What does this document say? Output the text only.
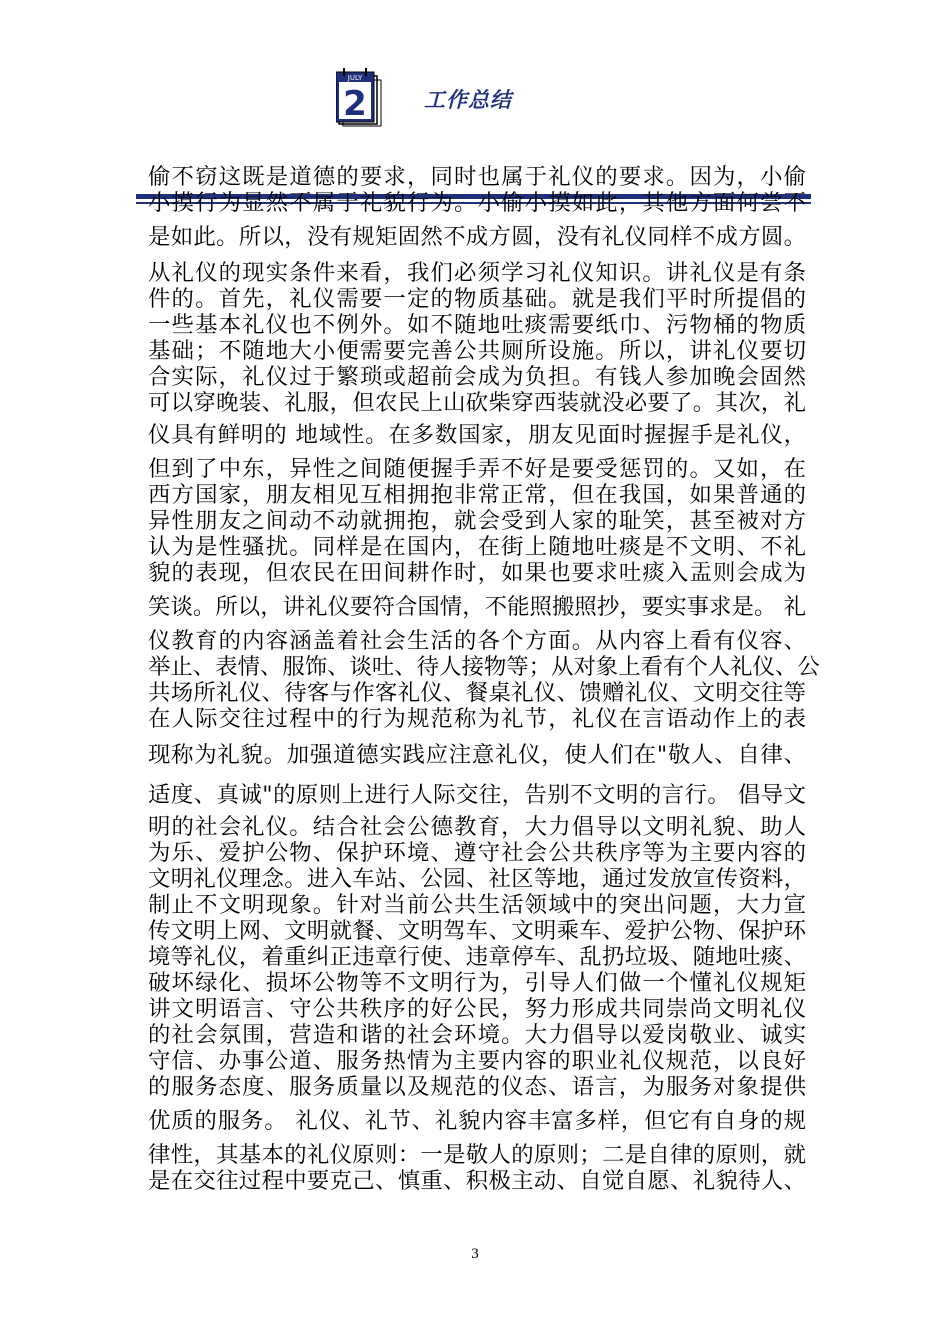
JULY
2	工作总结
偷不窃这既是道德的要求，同时也属于礼仪的要求。因为，小偷
小摸行为显然不属于礼貌行为。小偷小摸如此，其他方面何尝不
是如此。所以，没有规矩固然不成方圆，没有礼仪同样不成方圆。
从礼仪的现实条件来看，我们必须学习礼仪知识。讲礼仪是有条
件的。首先，礼仪需要一定的物质基础。就是我们平时所提倡的
一些基本礼仪也不例外。如不随地吐痰需要纸巾、污物桶的物质
基础；不随地大小便需要完善公共厕所设施。所以，讲礼仪要切
合实际，礼仪过于繁琐或超前会成为负担。有钱人参加晚会固然
可以穿晚装、礼服，但农民上山砍柴穿西装就没必要了。其次，礼
仪具有鲜明的 地域性。在多数国家，朋友见面时握握手是礼仪，
但到了中东，异性之间随便握手弄不好是要受惩罚的。又如，在
西方国家，朋友相见互相拥抱非常正常，但在我国，如果普通的
异性朋友之间动不动就拥抱，就会受到人家的耻笑，甚至被对方
认为是性骚扰。同样是在国内，在街上随地吐痰是不文明、不礼
貌的表现，但农民在田间耕作时，如果也要求吐痰入盂则会成为
笑谈。所以，讲礼仪要符合国情，不能照搬照抄，要实事求是。 礼
仪教育的内容涵盖着社会生活的各个方面。从内容上看有仪容、
举止、表情、服饰、谈吐、待人接物等；从对象上看有个人礼仪、公
共场所礼仪、待客与作客礼仪、餐桌礼仪、馈赠礼仪、文明交往等
在人际交往过程中的行为规范称为礼节，礼仪在言语动作上的表
现称为礼貌。加强道德实践应注意礼仪，使人们在"敬人、自律、
适度、真诚"的原则上进行人际交往，告别不文明的言行。 倡导文
明的社会礼仪。结合社会公德教育，大力倡导以文明礼貌、助人
为乐、爱护公物、保护环境、遵守社会公共秩序等为主要内容的
文明礼仪理念。进入车站、公园、社区等地，通过发放宣传资料，
制止不文明现象。针对当前公共生活领域中的突出问题，大力宣
传文明上网、文明就餐、文明驾车、文明乘车、爱护公物、保护环
境等礼仪，着重纠正违章行使、违章停车、乱扔垃圾、随地吐痰、
破坏绿化、损坏公物等不文明行为，引导人们做一个懂礼仪规矩
讲文明语言、守公共秩序的好公民，努力形成共同崇尚文明礼仪
的社会氛围，营造和谐的社会环境。大力倡导以爱岗敬业、诚实
守信、办事公道、服务热情为主要内容的职业礼仪规范，以良好
的服务态度、服务质量以及规范的仪态、语言，为服务对象提供
优质的服务。 礼仪、礼节、礼貌内容丰富多样，但它有自身的规
律性，其基本的礼仪原则：一是敬人的原则；二是自律的原则，就
是在交往过程中要克己、慎重、积极主动、自觉自愿、礼貌待人、
3
